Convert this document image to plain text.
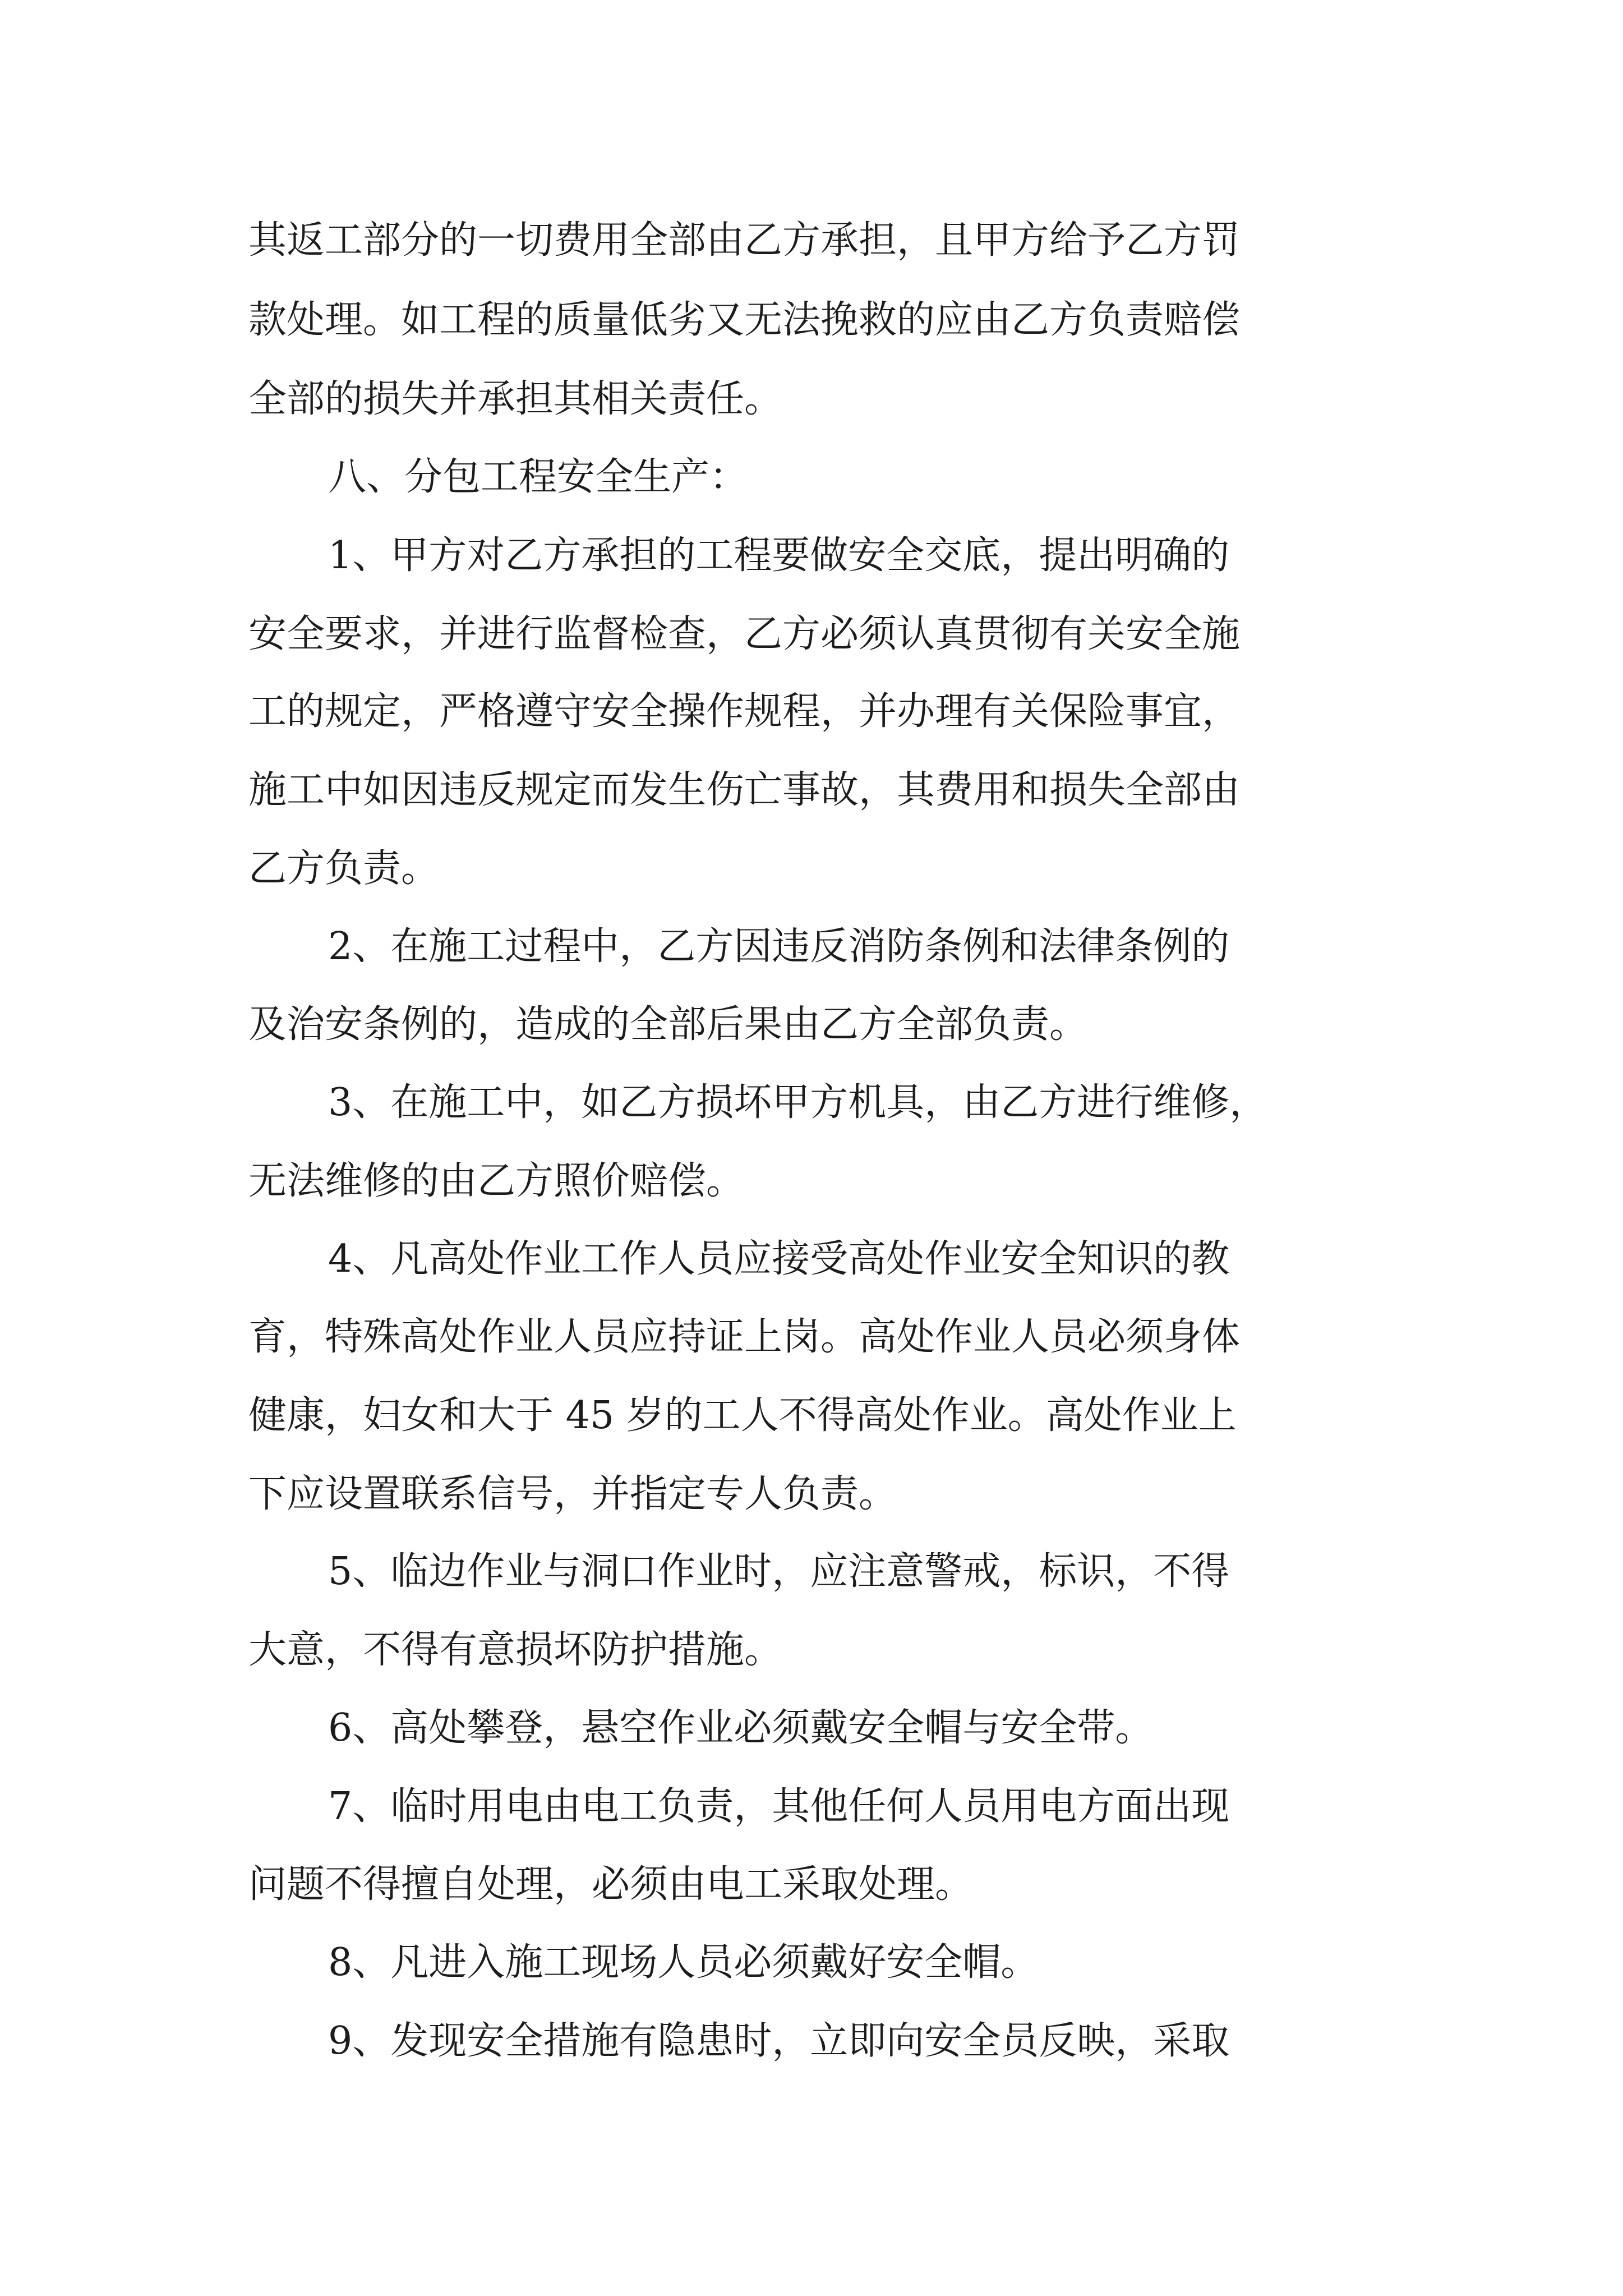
其返工部分的一切费用全部由乙方承担，且甲方给予乙方罚

款处理。如工程的质量低劣又无法挽救的应由乙方负责赔偿

全部的损失并承担其相关责任。

八、分包工程安全生产：

1、甲方对乙方承担的工程要做安全交底，提出明确的

安全要求，并进行监督检查，乙方必须认真贯彻有关安全施

工的规定，严格遵守安全操作规程，并办理有关保险事宜，

施工中如因违反规定而发生伤亡事故，其费用和损失全部由

乙方负责。

2、在施工过程中，乙方因违反消防条例和法律条例的

及治安条例的，造成的全部后果由乙方全部负责。

3、在施工中，如乙方损坏甲方机具，由乙方进行维修，

无法维修的由乙方照价赔偿。

4、凡高处作业工作人员应接受高处作业安全知识的教

育，特殊高处作业人员应持证上岗。高处作业人员必须身体

健康，妇女和大于 45 岁的工人不得高处作业。高处作业上

下应设置联系信号，并指定专人负责。

5、临边作业与洞口作业时，应注意警戒，标识，不得

大意，不得有意损坏防护措施。

6、高处攀登，悬空作业必须戴安全帽与安全带。

7、临时用电由电工负责，其他任何人员用电方面出现

问题不得擅自处理，必须由电工采取处理。

8、凡进入施工现场人员必须戴好安全帽。

9、发现安全措施有隐患时，立即向安全员反映，采取
